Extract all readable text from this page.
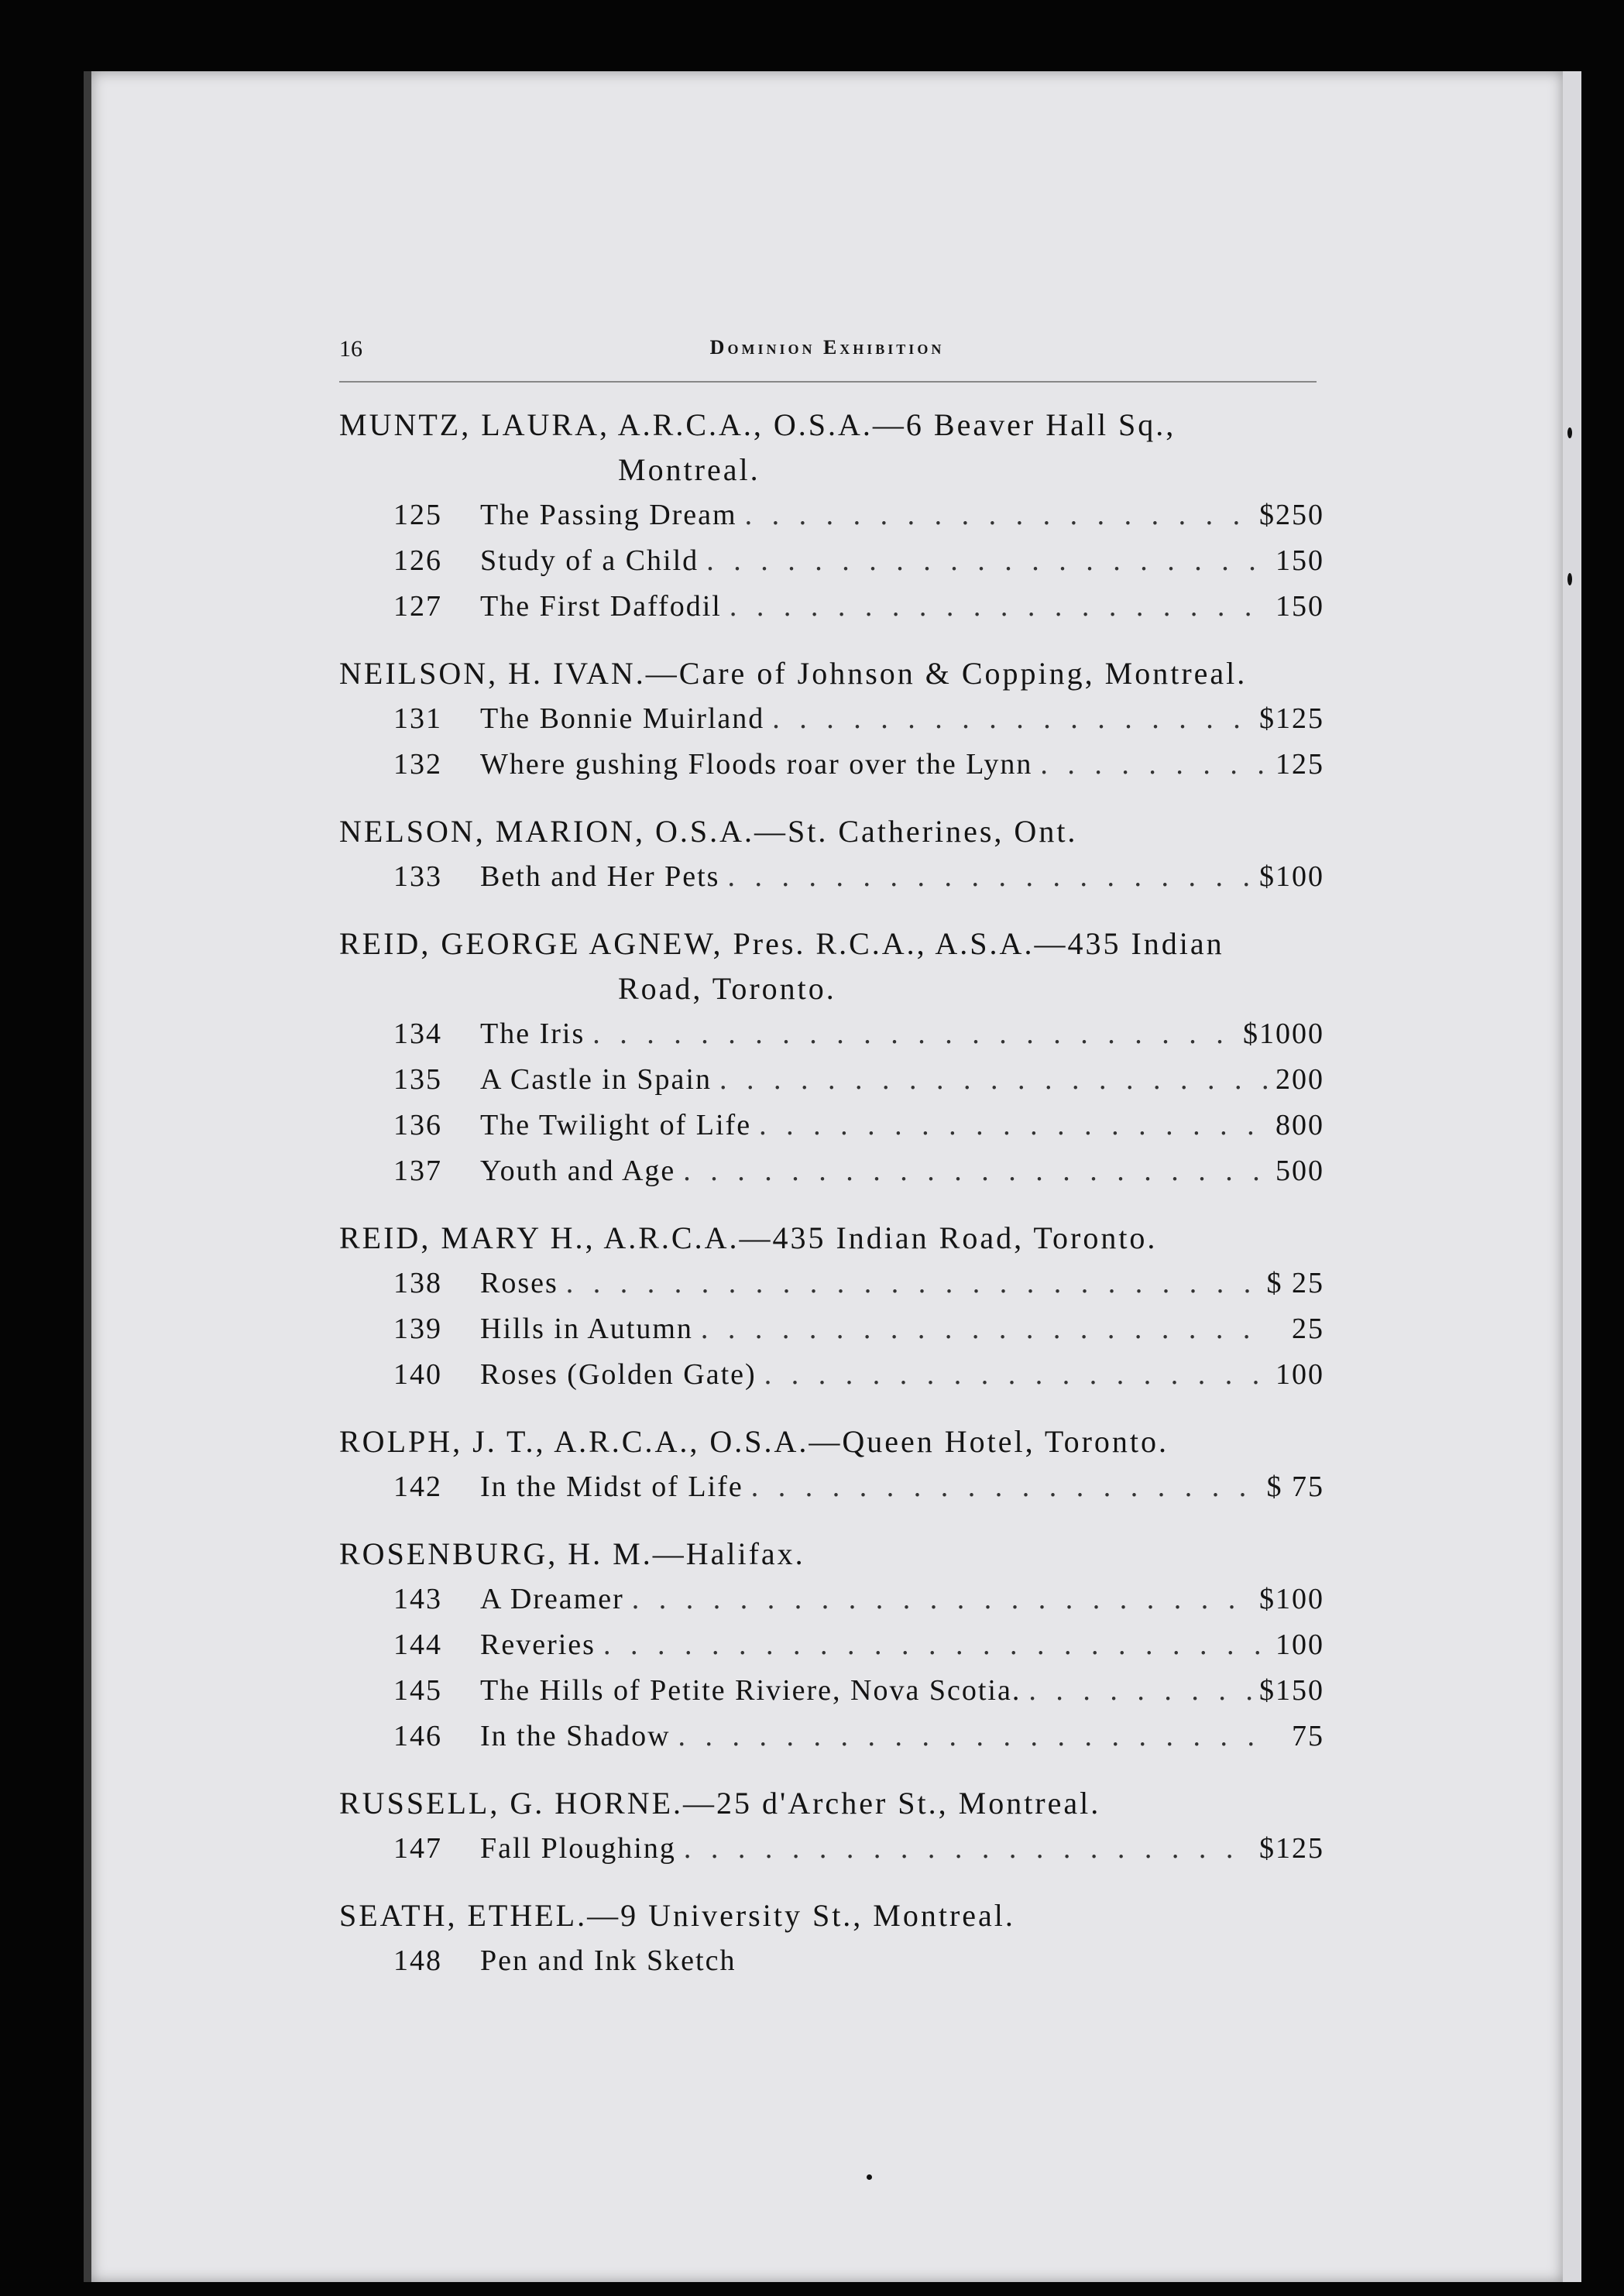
16	Dominion Exhibition
MUNTZ, LAURA, A.R.C.A., O.S.A.—6 Beaver Hall Sq.,
Montreal.
125	The Passing Dream . . .	$250
126	Study of a Child . . .	150
127	The First Daffodil . . .	150
NEILSON, H. IVAN.—Care of Johnson & Copping, Montreal.
131	The Bonnie Muirland . . .	$125
132	Where gushing Floods roar over the Lynn . . .	125
NELSON, MARION, O.S.A.—St. Catherines, Ont.
133	Beth and Her Pets . . .	$100
REID, GEORGE AGNEW, Pres. R.C.A., A.S.A.—435 Indian
Road, Toronto.
134	The Iris . . .	$1000
135	A Castle in Spain . . .	200
136	The Twilight of Life . . .	800
137	Youth and Age . . .	500
REID, MARY H., A.R.C.A.—435 Indian Road, Toronto.
138	Roses . . .	$ 25
139	Hills in Autumn . . .	25
140	Roses (Golden Gate) . . .	100
ROLPH, J. T., A.R.C.A., O.S.A.—Queen Hotel, Toronto.
142	In the Midst of Life . . .	$ 75
ROSENBURG, H. M.—Halifax.
143	A Dreamer . . .	$100
144	Reveries . . .	100
145	The Hills of Petite Riviere, Nova Scotia. . . .	$150
146	In the Shadow . . .	75
RUSSELL, G. HORNE.—25 d'Archer St., Montreal.
147	Fall Ploughing . . .	$125
SEATH, ETHEL.—9 University St., Montreal.
148	Pen and Ink Sketch
